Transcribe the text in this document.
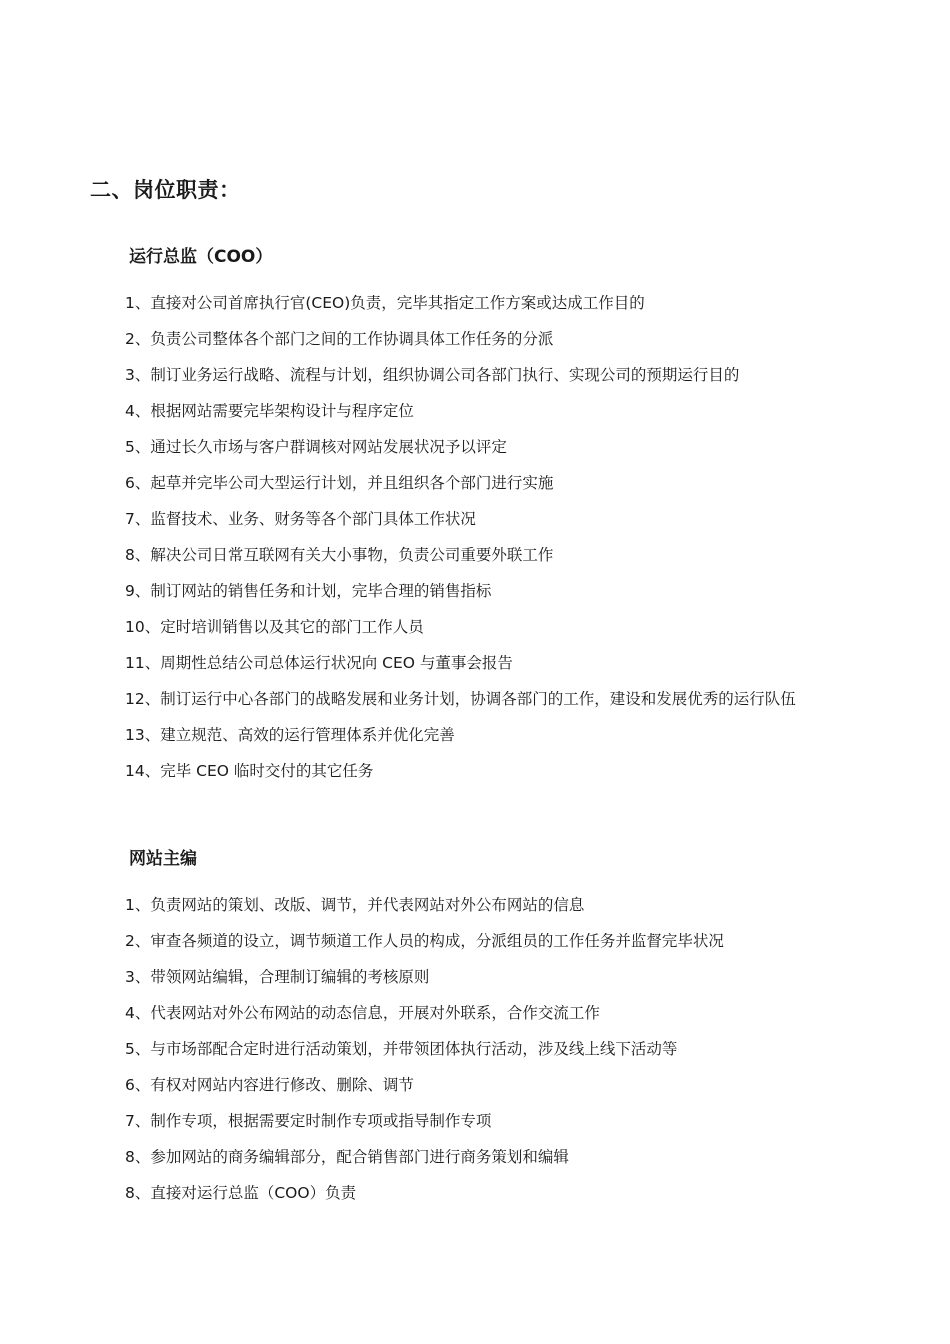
二、岗位职责：
运行总监（COO）
1、直接对公司首席执行官(CEO)负责，完毕其指定工作方案或达成工作目的
2、负责公司整体各个部门之间的工作协调具体工作任务的分派
3、制订业务运行战略、流程与计划，组织协调公司各部门执行、实现公司的预期运行目的
4、根据网站需要完毕架构设计与程序定位
5、通过长久市场与客户群调核对网站发展状况予以评定
6、起草并完毕公司大型运行计划，并且组织各个部门进行实施
7、监督技术、业务、财务等各个部门具体工作状况
8、解决公司日常互联网有关大小事物，负责公司重要外联工作
9、制订网站的销售任务和计划，完毕合理的销售指标
10、定时培训销售以及其它的部门工作人员
11、周期性总结公司总体运行状况向 CEO 与董事会报告
12、制订运行中心各部门的战略发展和业务计划，协调各部门的工作，建设和发展优秀的运行队伍
13、建立规范、高效的运行管理体系并优化完善
14、完毕 CEO 临时交付的其它任务
网站主编
1、负责网站的策划、改版、调节，并代表网站对外公布网站的信息
2、审查各频道的设立，调节频道工作人员的构成，分派组员的工作任务并监督完毕状况
3、带领网站编辑，合理制订编辑的考核原则
4、代表网站对外公布网站的动态信息，开展对外联系，合作交流工作
5、与市场部配合定时进行活动策划，并带领团体执行活动，涉及线上线下活动等
6、有权对网站内容进行修改、删除、调节
7、制作专项，根据需要定时制作专项或指导制作专项
8、参加网站的商务编辑部分，配合销售部门进行商务策划和编辑
8、直接对运行总监（COO）负责
